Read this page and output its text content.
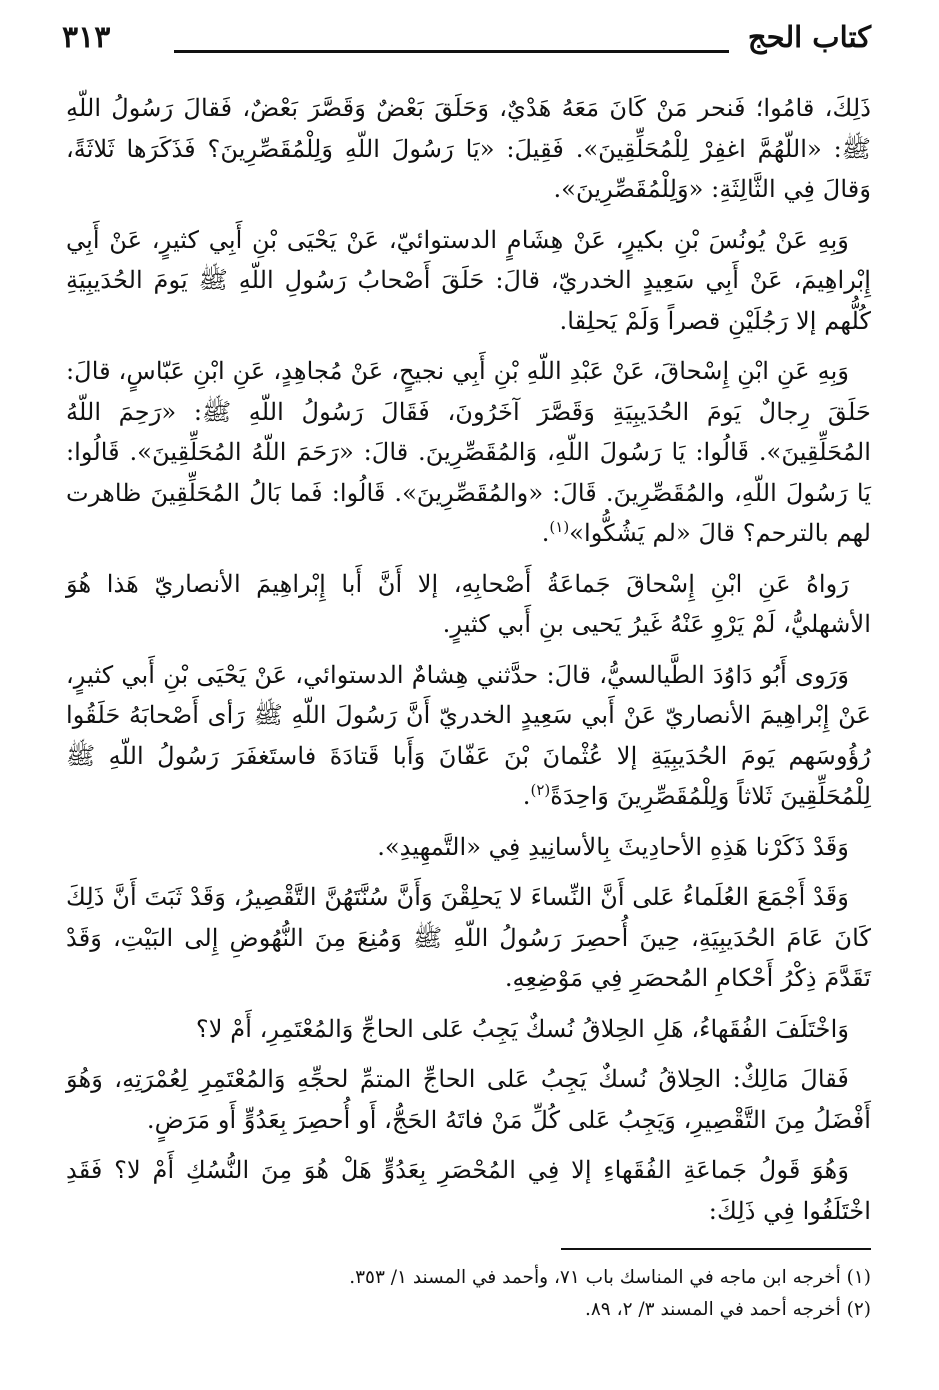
كتاب الحج
٣١٣

ذَلِكَ، قامُوا؛ فَنحر مَنْ كَانَ مَعَهُ هَدْيٌ، وَحَلَقَ بَعْضٌ وَقَصَّرَ بَعْضٌ، فَقالَ رَسُولُ اللّهِ ﷺ: «اللّهُمَّ اغفِرْ لِلْمُحَلِّقِينَ». فَقِيلَ: «يَا رَسُولَ اللّهِ وَلِلْمُقَصِّرِينَ؟ فَذَكَرَها ثَلاثَةً، وَقالَ فِي الثَّالِثَةِ: «وَلِلْمُقَصِّرِينَ».

وَبِهِ عَنْ يُونُسَ بْنِ بكيرٍ، عَنْ هِشَامٍ الدستوائيّ، عَنْ يَحْيَى بْنِ أَبِي كثيرٍ، عَنْ أَبِي إِبْراهِيمَ، عَنْ أَبِي سَعِيدٍ الخدريّ، قالَ: حَلَقَ أَصْحابُ رَسُولِ اللّهِ ﷺ يَومَ الحُدَيبِيَةِ كُلُّهم إلا رَجُلَيْنِ قصراً وَلَمْ يَحلِقا.

وَبِهِ عَنِ ابْنِ إِسْحاقَ، عَنْ عَبْدِ اللّهِ بْنِ أَبِي نجيحٍ، عَنْ مُجاهِدٍ، عَنِ ابْنِ عَبّاسٍ، قالَ: حَلَقَ رِجالٌ يَومَ الحُدَيبِيَةِ وَقَصَّرَ آخَرُونَ، فَقَالَ رَسُولُ اللّهِ ﷺ: «رَحِمَ اللّهُ المُحَلِّقِينَ». قَالُوا: يَا رَسُولَ اللّهِ، وَالمُقَصِّرِينَ. قالَ: «رَحَمَ اللّهُ المُحَلِّقِينَ». قَالُوا: يَا رَسُولَ اللّهِ، والمُقَصِّرِينَ. قَالَ: «والمُقَصِّرِينَ». قَالُوا: فَما بَالُ المُحَلِّقِينَ ظاهرت لهم بالترحم؟ قالَ «لم يَشُكُّوا»$^{(١)}$.

رَواهُ عَنِ ابْنِ إِسْحاقَ جَماعَةُ أَصْحابِهِ، إلا أَنَّ أَبا إِبْراهِيمَ الأنصاريّ هَذا هُوَ الأشهليُّ، لَمْ يَرْوِ عَنْهُ غَيرُ يَحيى بنِ أَبي كثيرٍ.

وَرَوى أَبُو دَاوُدَ الطَّيالسيُّ، قالَ: حدَّثني هِشامٌ الدستوائي، عَنْ يَحْيَى بْنِ أَبي كثيرٍ، عَنْ إِبْراهِيمَ الأنصاريّ عَنْ أَبي سَعِيدٍ الخدريّ أَنَّ رَسُولَ اللّهِ ﷺ رَأى أَصْحابَهُ حَلَقُوا رُؤُوسَهم يَومَ الحُدَيبِيَةِ إلا عُثْمانَ بْنَ عَفّانَ وَأَبا قَتادَةَ فاستَغفَرَ رَسُولُ اللّهِ ﷺ لِلْمُحَلِّقِينَ ثَلاثاً وَلِلْمُقَصِّرِينَ وَاحِدَةً$^{(٢)}$.

وَقَدْ ذَكَرْنا هَذِهِ الأحادِيثَ بِالأسانِيدِ فِي «التَّمهِيدِ».

وَقَدْ أَجْمَعَ العُلَماءُ عَلى أَنَّ النِّساءَ لا يَحلِقْنَ وَأَنَّ سُنَّتَهُنَّ التَّقْصِيرُ، وَقَدْ ثَبَتَ أَنَّ ذَلِكَ كَانَ عَامَ الحُدَيبِيَةِ، حِينَ أُحصِرَ رَسُولُ اللّهِ ﷺ وَمُنِعَ مِنَ النُّهُوضِ إِلى البَيْتِ، وَقَدْ تَقَدَّمَ ذِكْرُ أَحْكامِ المُحصَرِ فِي مَوْضِعِهِ.

وَاخْتَلَفَ الفُقَهاءُ، هَلِ الحِلاقُ نُسكٌ يَجِبُ عَلى الحاجِّ وَالمُعْتَمِرِ، أَمْ لا؟

فَقالَ مَالِكٌ: الحِلاقُ نُسكٌ يَجِبُ عَلى الحاجِّ المتمِّ لحجِّهِ وَالمُعْتَمِرِ لِعُمْرَتِهِ، وَهُوَ أَفْضَلُ مِنَ التَّقْصِيرِ، وَيَجِبُ عَلى كُلِّ مَنْ فاتَهُ الحَجُّ، أَو أُحصِرَ بِعَدُوٍّ أَو مَرَضٍ.

وَهُوَ قَولُ جَماعَةِ الفُقَهاءِ إلا فِي المُحْصَرِ بِعَدُوٍّ هَلْ هُوَ مِنَ النُّسُكِ أَمْ لا؟ فَقَدِ اخْتَلَفُوا فِي ذَلِكَ:

(١) أخرجه ابن ماجه في المناسك باب ٧١، وأحمد في المسند ١/ ٣٥٣.
(٢) أخرجه أحمد في المسند ٣/ ٢، ٨٩.
